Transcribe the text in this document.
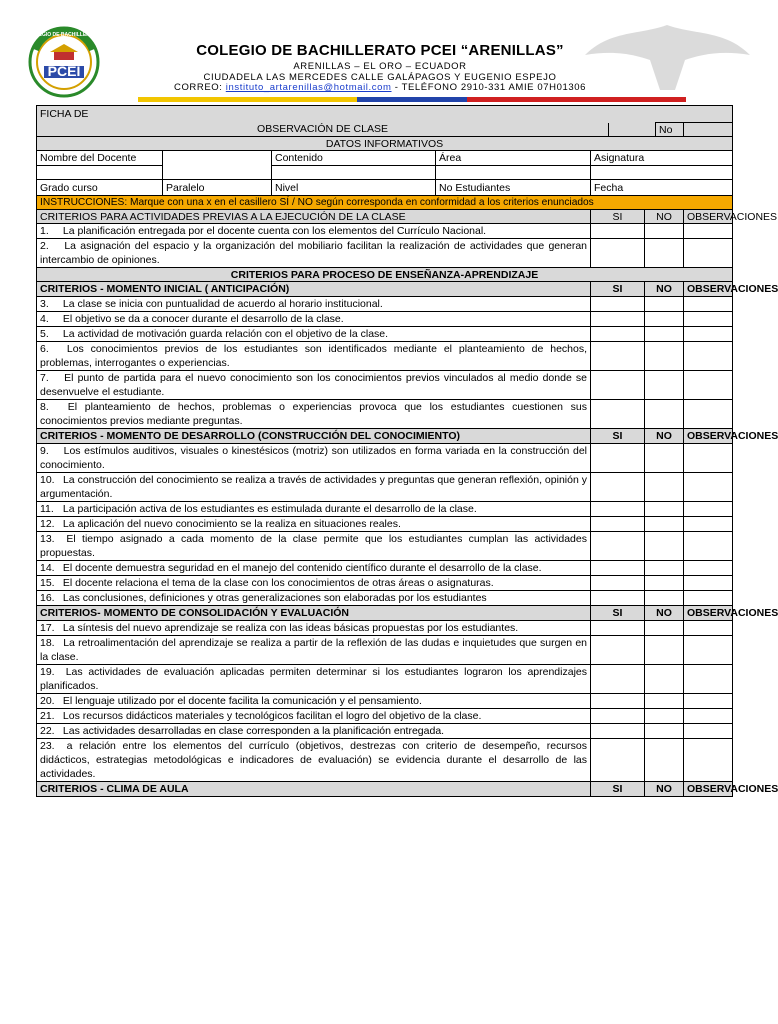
PCEI
COLEGIO DE BACHILLERATO
COLEGIO DE BACHILLERATO PCEI “ARENILLAS”
ARENILLAS – EL ORO – ECUADOR
CIUDADELA LAS MERCEDES CALLE GALÁPAGOS Y EUGENIO ESPEJO
CORREO: instituto_artarenillas@hotmail.com - TELÉFONO 2910-331 AMIE 07H01306
FICHA DE								
OBSERVACIÓN DE CLASE							No	
DATOS INFORMATIVOS								
Nombre del Docente		Contenido	Área	Asignatura				

Grado curso	Paralelo	Nivel	No Estudiantes	Fecha				
INSTRUCCIONES: Marque con una x en el casillero SÍ / NO según corresponda en conformidad a los criterios enunciados								
CRITERIOS PARA ACTIVIDADES PREVIAS A LA EJECUCIÓN DE LA CLASE				SI		NO		OBSERVACIONES
1. La planificación entregada por el docente cuenta con los elementos del Currículo Nacional.								
2. La asignación del espacio y la organización del mobiliario facilitan la realización de actividades que generan intercambio de opiniones.								
CRITERIOS PARA PROCESO DE ENSEÑANZA-APRENDIZAJE								
CRITERIOS - MOMENTO INICIAL ( ANTICIPACIÓN)				SI		NO		OBSERVACIONES
3. La clase se inicia con puntualidad de acuerdo al horario institucional.								
4. El objetivo se da a conocer durante el desarrollo de la clase.								
5. La actividad de motivación guarda relación con el objetivo de la clase.								
6. Los conocimientos previos de los estudiantes son identificados mediante el planteamiento de hechos, problemas, interrogantes o experiencias.								
7. El punto de partida para el nuevo conocimiento son los conocimientos previos vinculados al medio donde se desenvuelve el estudiante.								
8. El planteamiento de hechos, problemas o experiencias provoca que los estudiantes cuestionen sus conocimientos previos mediante preguntas.								
CRITERIOS - MOMENTO DE DESARROLLO (CONSTRUCCIÓN DEL CONOCIMIENTO)				SI		NO		OBSERVACIONES
9. Los estímulos auditivos, visuales o kinestésicos (motriz) son utilizados en forma variada en la construcción del conocimiento.								
10. La construcción del conocimiento se realiza a través de actividades y preguntas que generan reflexión, opinión y argumentación.								
11. La participación activa de los estudiantes es estimulada durante el desarrollo de la clase.								
12. La aplicación del nuevo conocimiento se la realiza en situaciones reales.								
13. El tiempo asignado a cada momento de la clase permite que los estudiantes cumplan las actividades propuestas.								
14. El docente demuestra seguridad en el manejo del contenido científico durante el desarrollo de la clase.								
15. El docente relaciona el tema de la clase con los conocimientos de otras áreas o asignaturas.								
16. Las conclusiones, definiciones y otras generalizaciones son elaboradas por los estudiantes								
CRITERIOS- MOMENTO DE CONSOLIDACIÓN Y EVALUACIÓN				SI		NO		OBSERVACIONES
17. La síntesis del nuevo aprendizaje se realiza con las ideas básicas propuestas por los estudiantes.								
18. La retroalimentación del aprendizaje se realiza a partir de la reflexión de las dudas e inquietudes que surgen en la clase.								
19. Las actividades de evaluación aplicadas permiten determinar si los estudiantes lograron los aprendizajes planificados.								
20. El lenguaje utilizado por el docente facilita la comunicación y el pensamiento.								
21. Los recursos didácticos materiales y tecnológicos facilitan el logro del objetivo de la clase.								
22. Las actividades desarrolladas en clase corresponden a la planificación entregada.								
23. a relación entre los elementos del currículo (objetivos, destrezas con criterio de desempeño, recursos didácticos, estrategias metodológicas e indicadores de evaluación) se evidencia durante el desarrollo de las actividades.								
CRITERIOS - CLIMA DE AULA				SI		NO		OBSERVACIONES
